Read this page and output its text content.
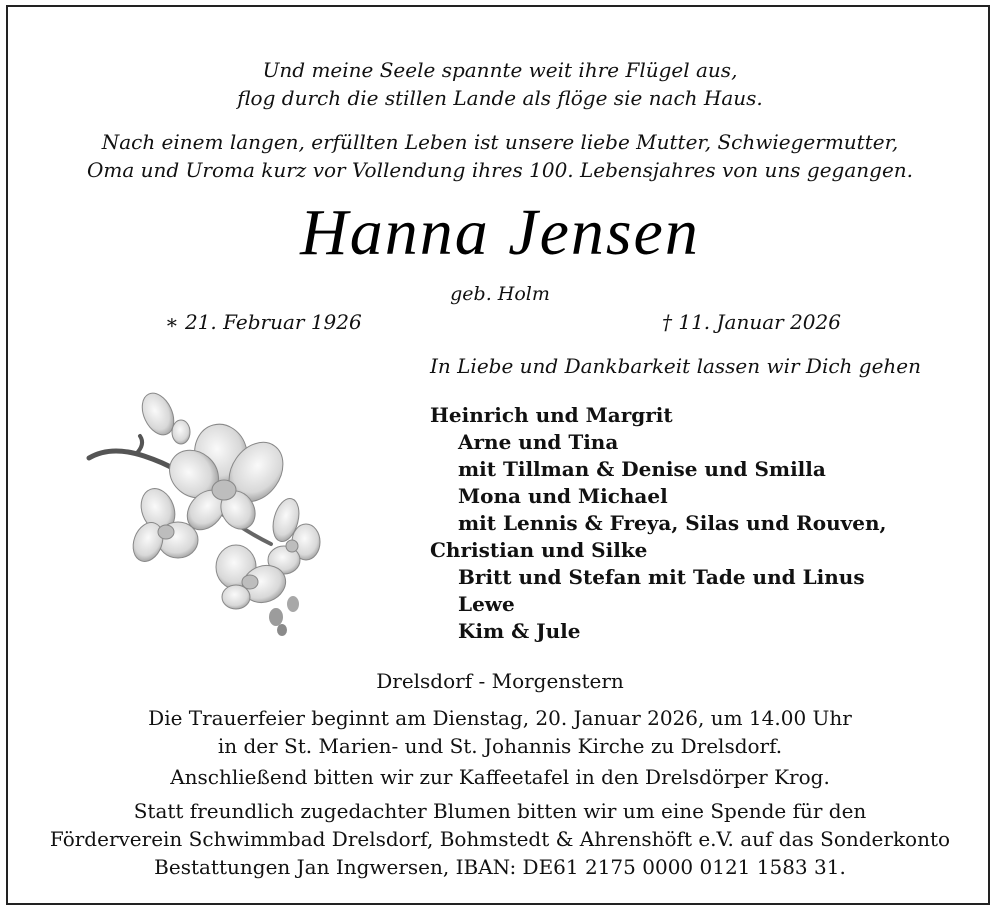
Und meine Seele spannte weit ihre Flügel aus,
flog durch die stillen Lande als flöge sie nach Haus.
Nach einem langen, erfüllten Leben ist unsere liebe Mutter, Schwiegermutter,
Oma und Uroma kurz vor Vollendung ihres 100. Lebensjahres von uns gegangen.
Hanna Jensen
geb. Holm
∗ 21. Februar 1926	† 11. Januar 2026
In Liebe und Dankbarkeit lassen wir Dich gehen
Heinrich und Margrit
Arne und Tina
mit Tillman & Denise und Smilla
Mona und Michael
mit Lennis & Freya, Silas und Rouven,
Christian und Silke
Britt und Stefan mit Tade und Linus
Lewe
Kim & Jule
Drelsdorf - Morgenstern
Die Trauerfeier beginnt am Dienstag, 20. Januar 2026, um 14.00 Uhr
in der St. Marien- und St. Johannis Kirche zu Drelsdorf.
Anschließend bitten wir zur Kaffeetafel in den Drelsdörper Krog.
Statt freundlich zugedachter Blumen bitten wir um eine Spende für den
Förderverein Schwimmbad Drelsdorf, Bohmstedt & Ahrenshöft e.V. auf das Sonderkonto
Bestattungen Jan Ingwersen, IBAN: DE61 2175 0000 0121 1583 31.
